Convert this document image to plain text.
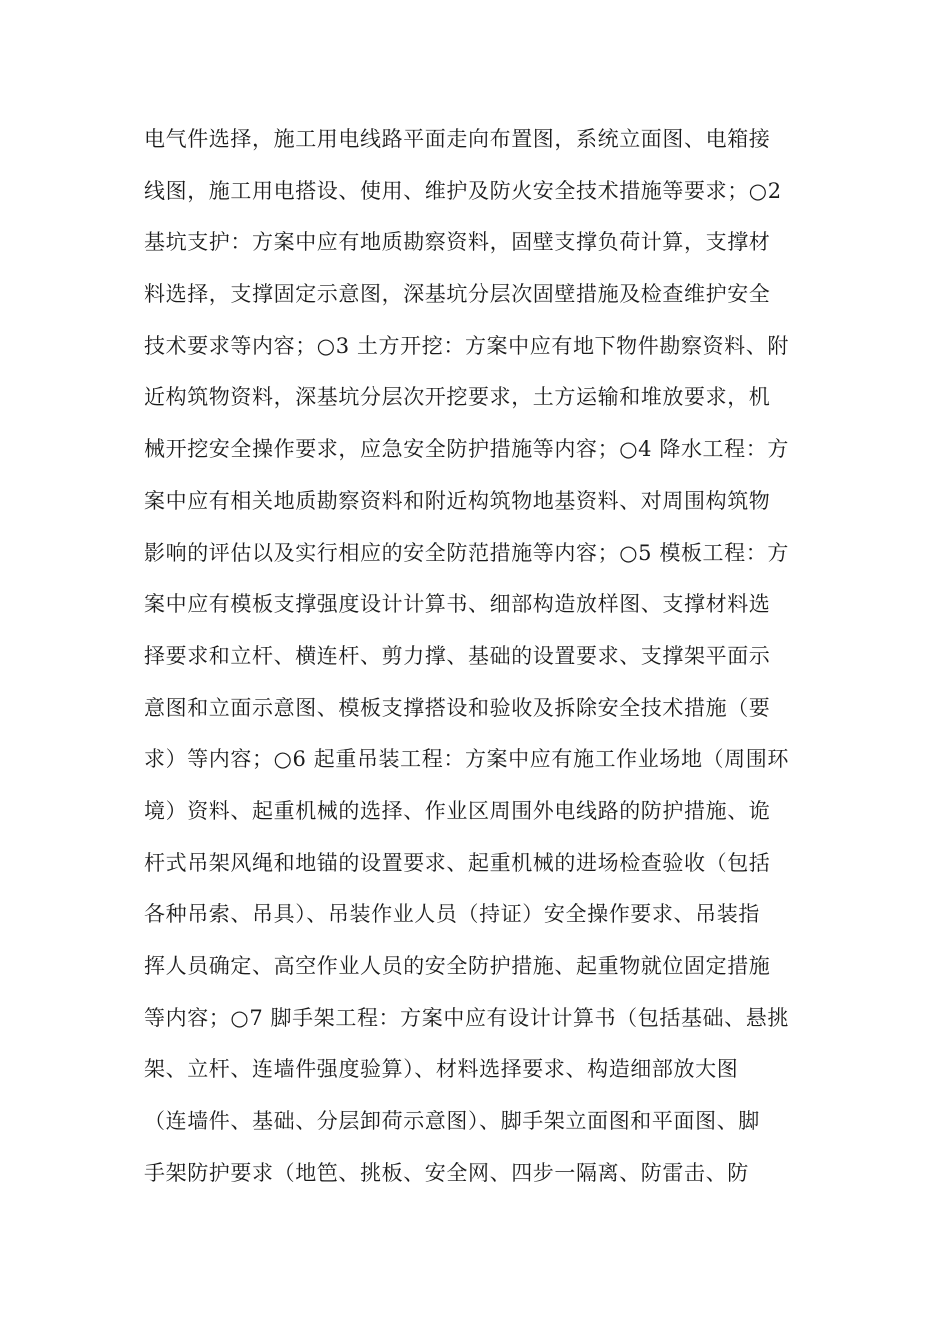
电气件选择，施工用电线路平面走向布置图，系统立面图、电箱接
线图，施工用电搭设、使用、维护及防火安全技术措施等要求；○2
基坑支护：方案中应有地质勘察资料，固壁支撑负荷计算，支撑材
料选择，支撑固定示意图，深基坑分层次固壁措施及检查维护安全
技术要求等内容；○3 土方开挖：方案中应有地下物件勘察资料、附
近构筑物资料，深基坑分层次开挖要求，土方运输和堆放要求，机
械开挖安全操作要求，应急安全防护措施等内容；○4 降水工程：方
案中应有相关地质勘察资料和附近构筑物地基资料、对周围构筑物
影响的评估以及实行相应的安全防范措施等内容；○5 模板工程：方
案中应有模板支撑强度设计计算书、细部构造放样图、支撑材料选
择要求和立杆、横连杆、剪力撑、基础的设置要求、支撑架平面示
意图和立面示意图、模板支撑搭设和验收及拆除安全技术措施（要
求）等内容；○6 起重吊装工程：方案中应有施工作业场地（周围环
境）资料、起重机械的选择、作业区周围外电线路的防护措施、诡
杆式吊架风绳和地锚的设置要求、起重机械的进场检查验收（包括
各种吊索、吊具）、吊装作业人员（持证）安全操作要求、吊装指
挥人员确定、高空作业人员的安全防护措施、起重物就位固定措施
等内容；○7 脚手架工程：方案中应有设计计算书（包括基础、悬挑
架、立杆、连墙件强度验算）、材料选择要求、构造细部放大图
（连墙件、基础、分层卸荷示意图）、脚手架立面图和平面图、脚
手架防护要求（地笆、挑板、安全网、四步一隔离、防雷击、防
